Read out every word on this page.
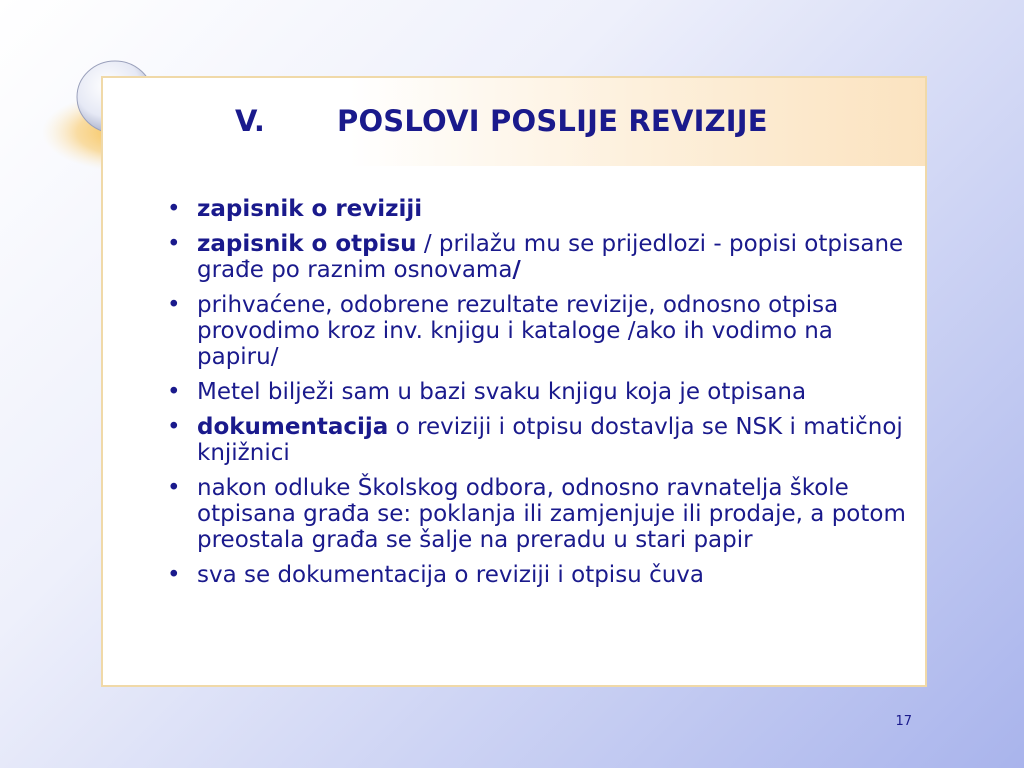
V. POSLOVI POSLIJE REVIZIJE
• zapisnik o reviziji
• zapisnik o otpisu / prilažu mu se prijedlozi - popisi otpisane građe po raznim osnovama/
• prihvaćene, odobrene rezultate revizije, odnosno otpisa provodimo kroz inv. knjigu i kataloge /ako ih vodimo na papiru/
• Metel bilježi sam u bazi svaku knjigu koja je otpisana
• dokumentacija o reviziji i otpisu dostavlja se NSK i matičnoj knjižnici
• nakon odluke Školskog odbora, odnosno ravnatelja škole otpisana građa se: poklanja ili zamjenjuje ili prodaje, a potom preostala građa se šalje na preradu u stari papir
• sva se dokumentacija o reviziji i otpisu čuva
17
